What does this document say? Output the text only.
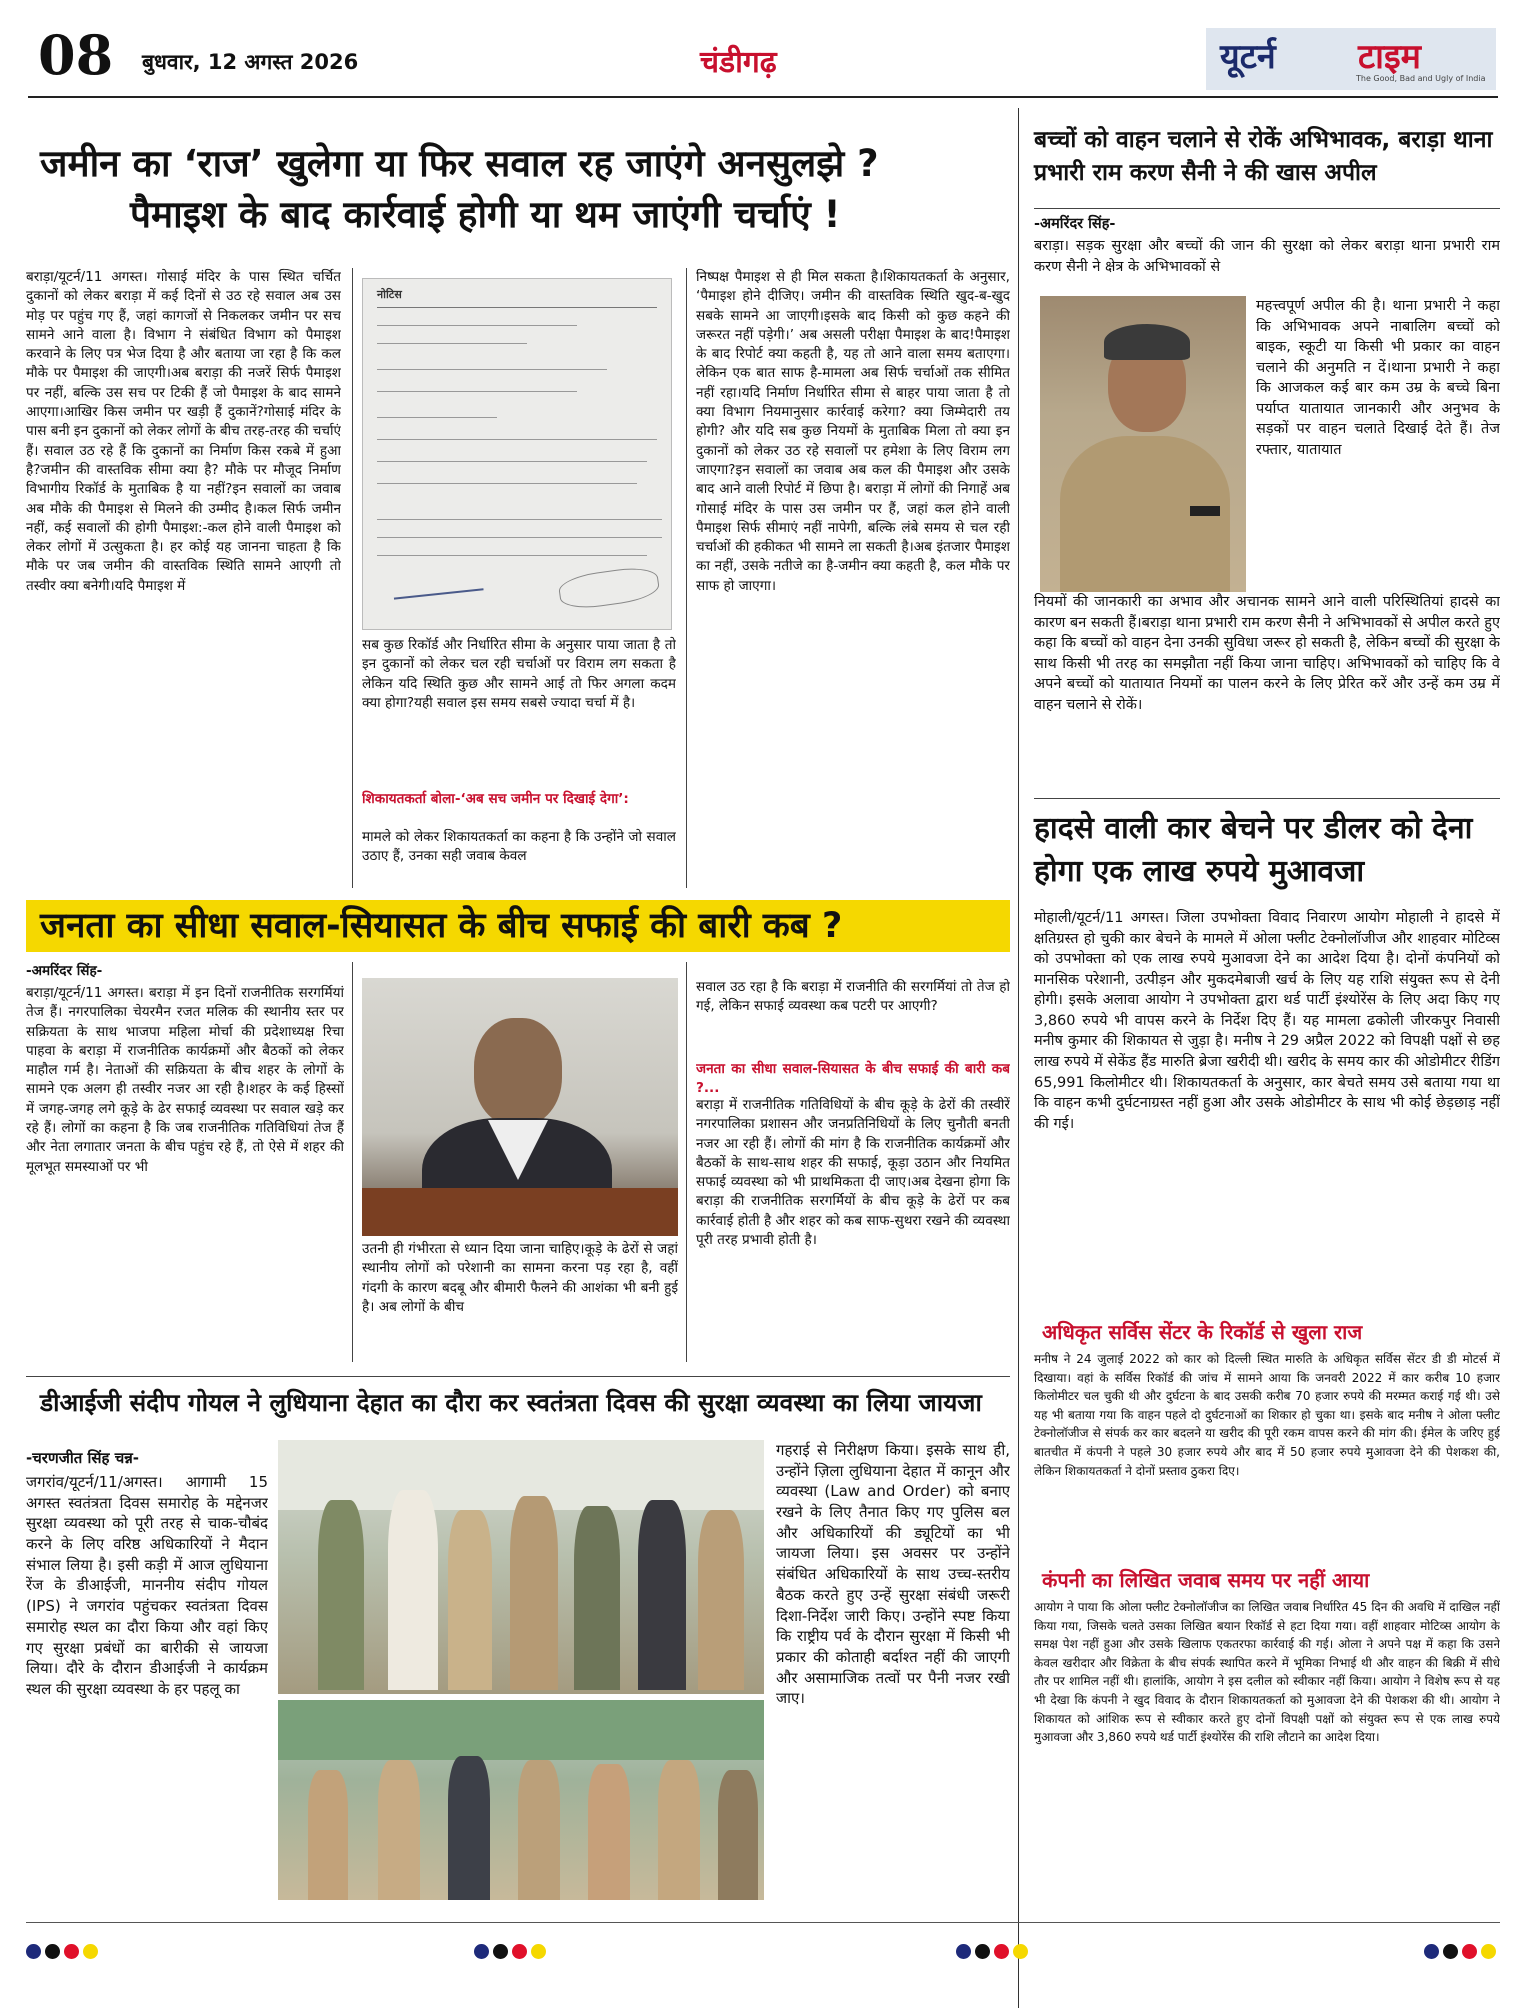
08 बुधवार, 12 अगस्त 2026	चंडीगढ़	यूटर्न टाइम
The Good, Bad and Ugly of India
जमीन का ‘राज’ खुलेगा या फिर सवाल रह जाएंगे अनसुलझे ?
पैमाइश के बाद कार्रवाई होगी या थम जाएंगी चर्चाएं !
बराड़ा/यूटर्न/11 अगस्त। गोसाई मंदिर के पास स्थित चर्चित दुकानों को लेकर बराड़ा में कई दिनों से उठ रहे सवाल अब उस मोड़ पर पहुंच गए हैं, जहां कागजों से निकलकर जमीन पर सच सामने आने वाला है। विभाग ने संबंधित विभाग को पैमाइश करवाने के लिए पत्र भेज दिया है और बताया जा रहा है कि कल मौके पर पैमाइश की जाएगी।अब बराड़ा की नजरें सिर्फ पैमाइश पर नहीं, बल्कि उस सच पर टिकी हैं जो पैमाइश के बाद सामने आएगा।आखिर किस जमीन पर खड़ी हैं दुकानें?गोसाई मंदिर के पास बनी इन दुकानों को लेकर लोगों के बीच तरह-तरह की चर्चाएं हैं। सवाल उठ रहे हैं कि दुकानों का निर्माण किस रकबे में हुआ है?जमीन की वास्तविक सीमा क्या है? मौके पर मौजूद निर्माण विभागीय रिकॉर्ड के मुताबिक है या नहीं?इन सवालों का जवाब अब मौके की पैमाइश से मिलने की उम्मीद है।कल सिर्फ जमीन नहीं, कई सवालों की होगी पैमाइश:-कल होने वाली पैमाइश को लेकर लोगों में उत्सुकता है। हर कोई यह जानना चाहता है कि मौके पर जब जमीन की वास्तविक स्थिति सामने आएगी तो तस्वीर क्या बनेगी।यदि पैमाइश में
नोटिस
सब कुछ रिकॉर्ड और निर्धारित सीमा के अनुसार पाया जाता है तो इन दुकानों को लेकर चल रही चर्चाओं पर विराम लग सकता है लेकिन यदि स्थिति कुछ और सामने आई तो फिर अगला कदम क्या होगा?यही सवाल इस समय सबसे ज्यादा चर्चा में है।
शिकायतकर्ता बोला-‘अब सच जमीन पर दिखाई देगा’:
मामले को लेकर शिकायतकर्ता का कहना है कि उन्होंने जो सवाल उठाए हैं, उनका सही जवाब केवल
निष्पक्ष पैमाइश से ही मिल सकता है।शिकायतकर्ता के अनुसार, ‘पैमाइश होने दीजिए। जमीन की वास्तविक स्थिति खुद-ब-खुद सबके सामने आ जाएगी।इसके बाद किसी को कुछ कहने की जरूरत नहीं पड़ेगी।’ अब असली परीक्षा पैमाइश के बाद!पैमाइश के बाद रिपोर्ट क्या कहती है, यह तो आने वाला समय बताएगा। लेकिन एक बात साफ है-मामला अब सिर्फ चर्चाओं तक सीमित नहीं रहा।यदि निर्माण निर्धारित सीमा से बाहर पाया जाता है तो क्या विभाग नियमानुसार कार्रवाई करेगा? क्या जिम्मेदारी तय होगी? और यदि सब कुछ नियमों के मुताबिक मिला तो क्या इन दुकानों को लेकर उठ रहे सवालों पर हमेशा के लिए विराम लग जाएगा?इन सवालों का जवाब अब कल की पैमाइश और उसके बाद आने वाली रिपोर्ट में छिपा है। बराड़ा में लोगों की निगाहें अब गोसाई मंदिर के पास उस जमीन पर हैं, जहां कल होने वाली पैमाइश सिर्फ सीमाएं नहीं नापेगी, बल्कि लंबे समय से चल रही चर्चाओं की हकीकत भी सामने ला सकती है।अब इंतजार पैमाइश का नहीं, उसके नतीजे का है-जमीन क्या कहती है, कल मौके पर साफ हो जाएगा।
जनता का सीधा सवाल-सियासत के बीच सफाई की बारी कब ?
-अमरिंदर सिंह-
बराड़ा/यूटर्न/11 अगस्त। बराड़ा में इन दिनों राजनीतिक सरगर्मियां तेज हैं। नगरपालिका चेयरमैन रजत मलिक की स्थानीय स्तर पर सक्रियता के साथ भाजपा महिला मोर्चा की प्रदेशाध्यक्ष रिचा पाहवा के बराड़ा में राजनीतिक कार्यक्रमों और बैठकों को लेकर माहौल गर्म है। नेताओं की सक्रियता के बीच शहर के लोगों के सामने एक अलग ही तस्वीर नजर आ रही है।शहर के कई हिस्सों में जगह-जगह लगे कूड़े के ढेर सफाई व्यवस्था पर सवाल खड़े कर रहे हैं। लोगों का कहना है कि जब राजनीतिक गतिविधियां तेज हैं और नेता लगातार जनता के बीच पहुंच रहे हैं, तो ऐसे में शहर की मूलभूत समस्याओं पर भी
उतनी ही गंभीरता से ध्यान दिया जाना चाहिए।कूड़े के ढेरों से जहां स्थानीय लोगों को परेशानी का सामना करना पड़ रहा है, वहीं गंदगी के कारण बदबू और बीमारी फैलने की आशंका भी बनी हुई है। अब लोगों के बीच
सवाल उठ रहा है कि बराड़ा में राजनीति की सरगर्मियां तो तेज हो गई, लेकिन सफाई व्यवस्था कब पटरी पर आएगी?
जनता का सीधा सवाल-सियासत के बीच सफाई की बारी कब ?...
बराड़ा में राजनीतिक गतिविधियों के बीच कूड़े के ढेरों की तस्वीरें नगरपालिका प्रशासन और जनप्रतिनिधियों के लिए चुनौती बनती नजर आ रही हैं। लोगों की मांग है कि राजनीतिक कार्यक्रमों और बैठकों के साथ-साथ शहर की सफाई, कूड़ा उठान और नियमित सफाई व्यवस्था को भी प्राथमिकता दी जाए।अब देखना होगा कि बराड़ा की राजनीतिक सरगर्मियों के बीच कूड़े के ढेरों पर कब कार्रवाई होती है और शहर को कब साफ-सुथरा रखने की व्यवस्था पूरी तरह प्रभावी होती है।
डीआईजी संदीप गोयल ने लुधियाना देहात का दौरा कर स्वतंत्रता दिवस की सुरक्षा व्यवस्था का लिया जायजा
-चरणजीत सिंह चन्न-
जगरांव/यूटर्न/11/अगस्त। आगामी 15 अगस्त स्वतंत्रता दिवस समारोह के मद्देनजर सुरक्षा व्यवस्था को पूरी तरह से चाक-चौबंद करने के लिए वरिष्ठ अधिकारियों ने मैदान संभाल लिया है। इसी कड़ी में आज लुधियाना रेंज के डीआईजी, माननीय संदीप गोयल (IPS) ने जगरांव पहुंचकर स्वतंत्रता दिवस समारोह स्थल का दौरा किया और वहां किए गए सुरक्षा प्रबंधों का बारीकी से जायजा लिया। दौरे के दौरान डीआईजी ने कार्यक्रम स्थल की सुरक्षा व्यवस्था के हर पहलू का
गहराई से निरीक्षण किया। इसके साथ ही, उन्होंने ज़िला लुधियाना देहात में कानून और व्यवस्था (Law and Order) को बनाए रखने के लिए तैनात किए गए पुलिस बल और अधिकारियों की ड्यूटियों का भी जायजा लिया। इस अवसर पर उन्होंने संबंधित अधिकारियों के साथ उच्च-स्तरीय बैठक करते हुए उन्हें सुरक्षा संबंधी जरूरी दिशा-निर्देश जारी किए। उन्होंने स्पष्ट किया कि राष्ट्रीय पर्व के दौरान सुरक्षा में किसी भी प्रकार की कोताही बर्दाश्त नहीं की जाएगी और असामाजिक तत्वों पर पैनी नजर रखी जाए।
बच्चों को वाहन चलाने से रोकें अभिभावक, बराड़ा थाना प्रभारी राम करण सैनी ने की खास अपील
-अमरिंदर सिंह-
बराड़ा। सड़क सुरक्षा और बच्चों की जान की सुरक्षा को लेकर बराड़ा थाना प्रभारी राम करण सैनी ने क्षेत्र के अभिभावकों से
महत्त्वपूर्ण अपील की है। थाना प्रभारी ने कहा कि अभिभावक अपने नाबालिग बच्चों को बाइक, स्कूटी या किसी भी प्रकार का वाहन चलाने की अनुमति न दें।थाना प्रभारी ने कहा कि आजकल कई बार कम उम्र के बच्चे बिना पर्याप्त यातायात जानकारी और अनुभव के सड़कों पर वाहन चलाते दिखाई देते हैं। तेज रफ्तार, यातायात
नियमों की जानकारी का अभाव और अचानक सामने आने वाली परिस्थितियां हादसे का कारण बन सकती हैं।बराड़ा थाना प्रभारी राम करण सैनी ने अभिभावकों से अपील करते हुए कहा कि बच्चों को वाहन देना उनकी सुविधा जरूर हो सकती है, लेकिन बच्चों की सुरक्षा के साथ किसी भी तरह का समझौता नहीं किया जाना चाहिए। अभिभावकों को चाहिए कि वे अपने बच्चों को यातायात नियमों का पालन करने के लिए प्रेरित करें और उन्हें कम उम्र में वाहन चलाने से रोकें।
हादसे वाली कार बेचने पर डीलर को देना होगा एक लाख रुपये मुआवजा
मोहाली/यूटर्न/11 अगस्त। जिला उपभोक्ता विवाद निवारण आयोग मोहाली ने हादसे में क्षतिग्रस्त हो चुकी कार बेचने के मामले में ओला फ्लीट टेक्नोलॉजीज और शाहवार मोटिव्स को उपभोक्ता को एक लाख रुपये मुआवजा देने का आदेश दिया है। दोनों कंपनियों को मानसिक परेशानी, उत्पीड़न और मुकदमेबाजी खर्च के लिए यह राशि संयुक्त रूप से देनी होगी। इसके अलावा आयोग ने उपभोक्ता द्वारा थर्ड पार्टी इंश्योरेंस के लिए अदा किए गए 3,860 रुपये भी वापस करने के निर्देश दिए हैं। यह मामला ढकोली जीरकपुर निवासी मनीष कुमार की शिकायत से जुड़ा है। मनीष ने 29 अप्रैल 2022 को विपक्षी पक्षों से छह लाख रुपये में सेकेंड हैंड मारुति ब्रेजा खरीदी थी। खरीद के समय कार की ओडोमीटर रीडिंग 65,991 किलोमीटर थी। शिकायतकर्ता के अनुसार, कार बेचते समय उसे बताया गया था कि वाहन कभी दुर्घटनाग्रस्त नहीं हुआ और उसके ओडोमीटर के साथ भी कोई छेड़छाड़ नहीं की गई।
अधिकृत सर्विस सेंटर के रिकॉर्ड से खुला राज
मनीष ने 24 जुलाई 2022 को कार को दिल्ली स्थित मारुति के अधिकृत सर्विस सेंटर डी डी मोटर्स में दिखाया। वहां के सर्विस रिकॉर्ड की जांच में सामने आया कि जनवरी 2022 में कार करीब 10 हजार किलोमीटर चल चुकी थी और दुर्घटना के बाद उसकी करीब 70 हजार रुपये की मरम्मत कराई गई थी। उसे यह भी बताया गया कि वाहन पहले दो दुर्घटनाओं का शिकार हो चुका था। इसके बाद मनीष ने ओला फ्लीट टेक्नोलॉजीज से संपर्क कर कार बदलने या खरीद की पूरी रकम वापस करने की मांग की। ईमेल के जरिए हुई बातचीत में कंपनी ने पहले 30 हजार रुपये और बाद में 50 हजार रुपये मुआवजा देने की पेशकश की, लेकिन शिकायतकर्ता ने दोनों प्रस्ताव ठुकरा दिए।
कंपनी का लिखित जवाब समय पर नहीं आया
आयोग ने पाया कि ओला फ्लीट टेक्नोलॉजीज का लिखित जवाब निर्धारित 45 दिन की अवधि में दाखिल नहीं किया गया, जिसके चलते उसका लिखित बयान रिकॉर्ड से हटा दिया गया। वहीं शाहवार मोटिव्स आयोग के समक्ष पेश नहीं हुआ और उसके खिलाफ एकतरफा कार्रवाई की गई। ओला ने अपने पक्ष में कहा कि उसने केवल खरीदार और विक्रेता के बीच संपर्क स्थापित करने में भूमिका निभाई थी और वाहन की बिक्री में सीधे तौर पर शामिल नहीं थी। हालांकि, आयोग ने इस दलील को स्वीकार नहीं किया। आयोग ने विशेष रूप से यह भी देखा कि कंपनी ने खुद विवाद के दौरान शिकायतकर्ता को मुआवजा देने की पेशकश की थी। आयोग ने शिकायत को आंशिक रूप से स्वीकार करते हुए दोनों विपक्षी पक्षों को संयुक्त रूप से एक लाख रुपये मुआवजा और 3,860 रुपये थर्ड पार्टी इंश्योरेंस की राशि लौटाने का आदेश दिया।
